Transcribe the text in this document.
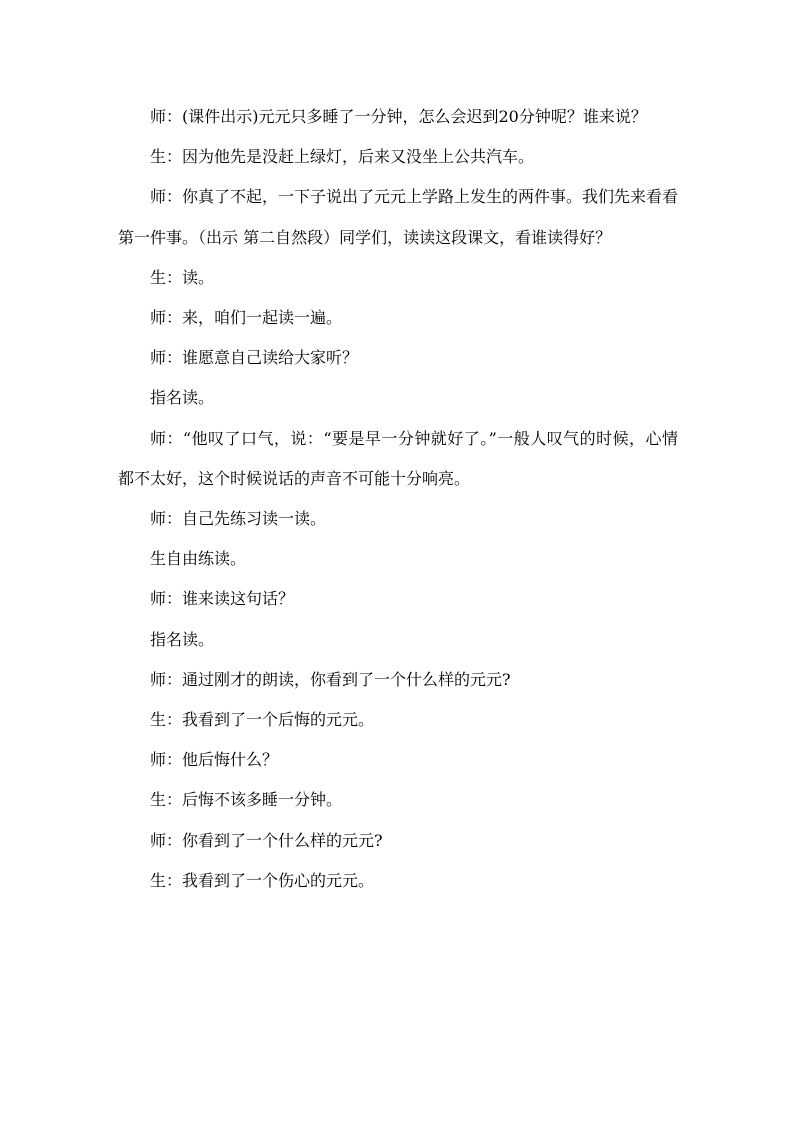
师：(课件出示)元元只多睡了一分钟，怎么会迟到20分钟呢？谁来说？

生：因为他先是没赶上绿灯，后来又没坐上公共汽车。

师：你真了不起，一下子说出了元元上学路上发生的两件事。我们先来看看第一件事。（出示 第二自然段）同学们，读读这段课文，看谁读得好？

生：读。

师：来，咱们一起读一遍。

师：谁愿意自己读给大家听？

指名读。

师：“他叹了口气，说：“要是早一分钟就好了。”一般人叹气的时候，心情都不太好，这个时候说话的声音不可能十分响亮。

师：自己先练习读一读。

生自由练读。

师：谁来读这句话？

指名读。

师：通过刚才的朗读，你看到了一个什么样的元元?

生：我看到了一个后悔的元元。

师：他后悔什么？

生：后悔不该多睡一分钟。

师：你看到了一个什么样的元元?

生：我看到了一个伤心的元元。
